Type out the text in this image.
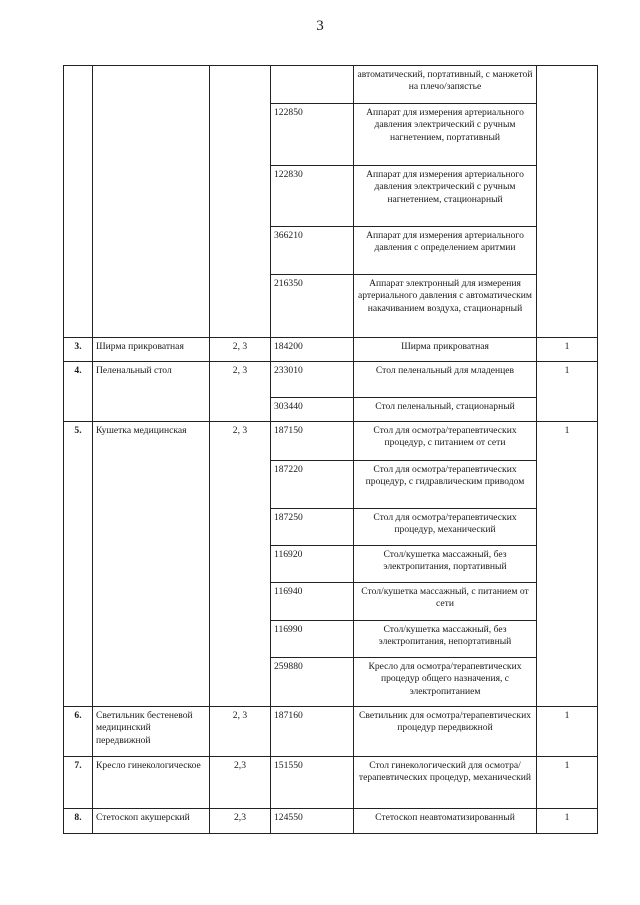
3
				автоматический, портативный, с манжетой на плечо/запястье	
			122850	Аппарат для измерения артериального давления электрический с ручным нагнетением, портативный	
			122830	Аппарат для измерения артериального давления электрический с ручным нагнетением, стационарный	
			366210	Аппарат для измерения артериального давления с определением аритмии	
			216350	Аппарат электронный для измерения артериального давления с автоматическим накачиванием воздуха, стационарный	
3.	Ширма прикроватная	2, 3	184200	Ширма прикроватная	1
4.	Пеленальный стол	2, 3	233010	Стол пеленальный для младенцев	1
			303440	Стол пеленальный, стационарный	
5.	Кушетка медицинская	2, 3	187150	Стол для осмотра/терапевтических процедур, с питанием от сети	1
			187220	Стол для осмотра/терапевтических процедур, с гидравлическим приводом	
			187250	Стол для осмотра/терапевтических процедур, механический	
			116920	Стол/кушетка массажный, без электропитания, портативный	
			116940	Стол/кушетка массажный, с питанием от сети	
			116990	Стол/кушетка массажный, без электропитания, непортативный	
			259880	Кресло для осмотра/терапевтических процедур общего назначения, с электропитанием	
6.	Светильник бестеневой медицинский передвижной	2, 3	187160	Светильник для осмотра/терапевтических процедур передвижной	1
7.	Кресло гинекологическое	2,3	151550	Стол гинекологический для осмотра/терапевтических процедур, механический	1
8.	Стетоскоп акушерский	2,3	124550	Стетоскоп неавтоматизированный	1
